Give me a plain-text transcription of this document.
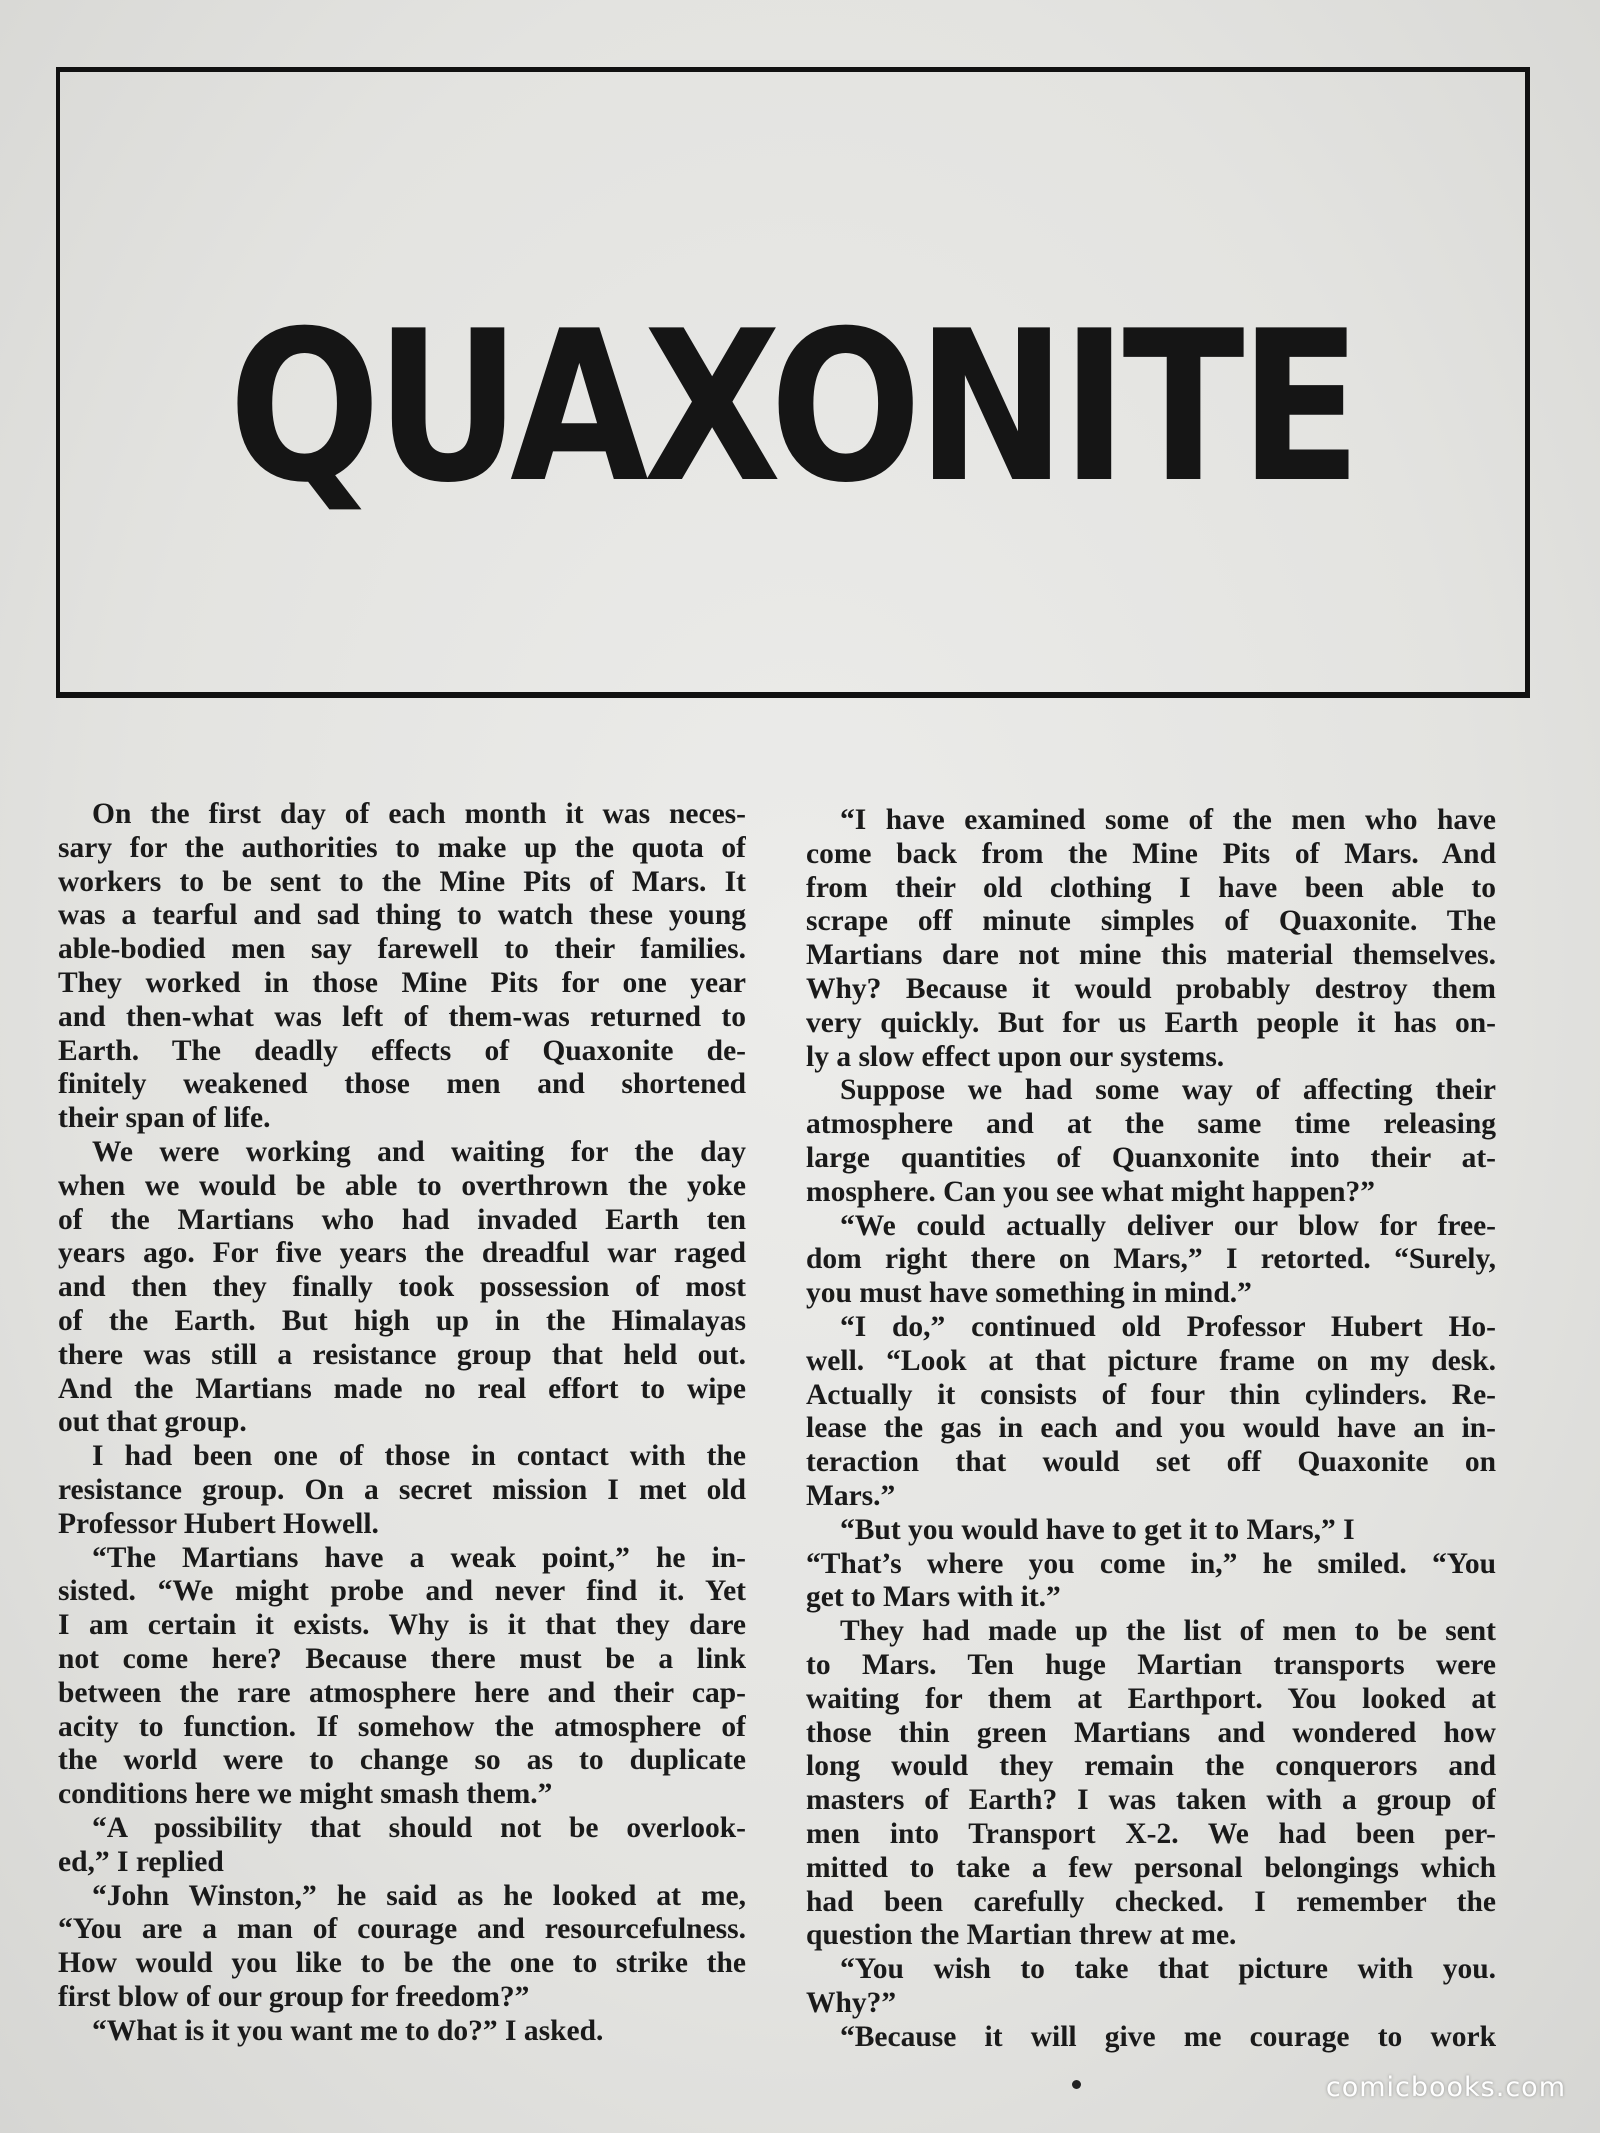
QUAXONITE
On the first day of each month it was neces-
sary for the authorities to make up the quota of
workers to be sent to the Mine Pits of Mars. It
was a tearful and sad thing to watch these young
able-bodied men say farewell to their families.
They worked in those Mine Pits for one year
and then-what was left of them-was returned to
Earth. The deadly effects of Quaxonite de-
finitely weakened those men and shortened
their span of life.
We were working and waiting for the day
when we would be able to overthrown the yoke
of the Martians who had invaded Earth ten
years ago. For five years the dreadful war raged
and then they finally took possession of most
of the Earth. But high up in the Himalayas
there was still a resistance group that held out.
And the Martians made no real effort to wipe
out that group.
I had been one of those in contact with the
resistance group. On a secret mission I met old
Professor Hubert Howell.
“The Martians have a weak point,” he in-
sisted. “We might probe and never find it. Yet
I am certain it exists. Why is it that they dare
not come here? Because there must be a link
between the rare atmosphere here and their cap-
acity to function. If somehow the atmosphere of
the world were to change so as to duplicate
conditions here we might smash them.”
“A possibility that should not be overlook-
ed,” I replied
“John Winston,” he said as he looked at me,
“You are a man of courage and resourcefulness.
How would you like to be the one to strike the
first blow of our group for freedom?”
“What is it you want me to do?” I asked.
“I have examined some of the men who have
come back from the Mine Pits of Mars. And
from their old clothing I have been able to
scrape off minute simples of Quaxonite. The
Martians dare not mine this material themselves.
Why? Because it would probably destroy them
very quickly. But for us Earth people it has on-
ly a slow effect upon our systems.
Suppose we had some way of affecting their
atmosphere and at the same time releasing
large quantities of Quanxonite into their at-
mosphere. Can you see what might happen?”
“We could actually deliver our blow for free-
dom right there on Mars,” I retorted. “Surely,
you must have something in mind.”
“I do,” continued old Professor Hubert Ho-
well. “Look at that picture frame on my desk.
Actually it consists of four thin cylinders. Re-
lease the gas in each and you would have an in-
teraction that would set off Quaxonite on
Mars.”
“But you would have to get it to Mars,” I
“That’s where you come in,” he smiled. “You
get to Mars with it.”
They had made up the list of men to be sent
to Mars. Ten huge Martian transports were
waiting for them at Earthport. You looked at
those thin green Martians and wondered how
long would they remain the conquerors and
masters of Earth? I was taken with a group of
men into Transport X-2. We had been per-
mitted to take a few personal belongings which
had been carefully checked. I remember the
question the Martian threw at me.
“You wish to take that picture with you.
Why?”
“Because it will give me courage to work
comicbooks.com
